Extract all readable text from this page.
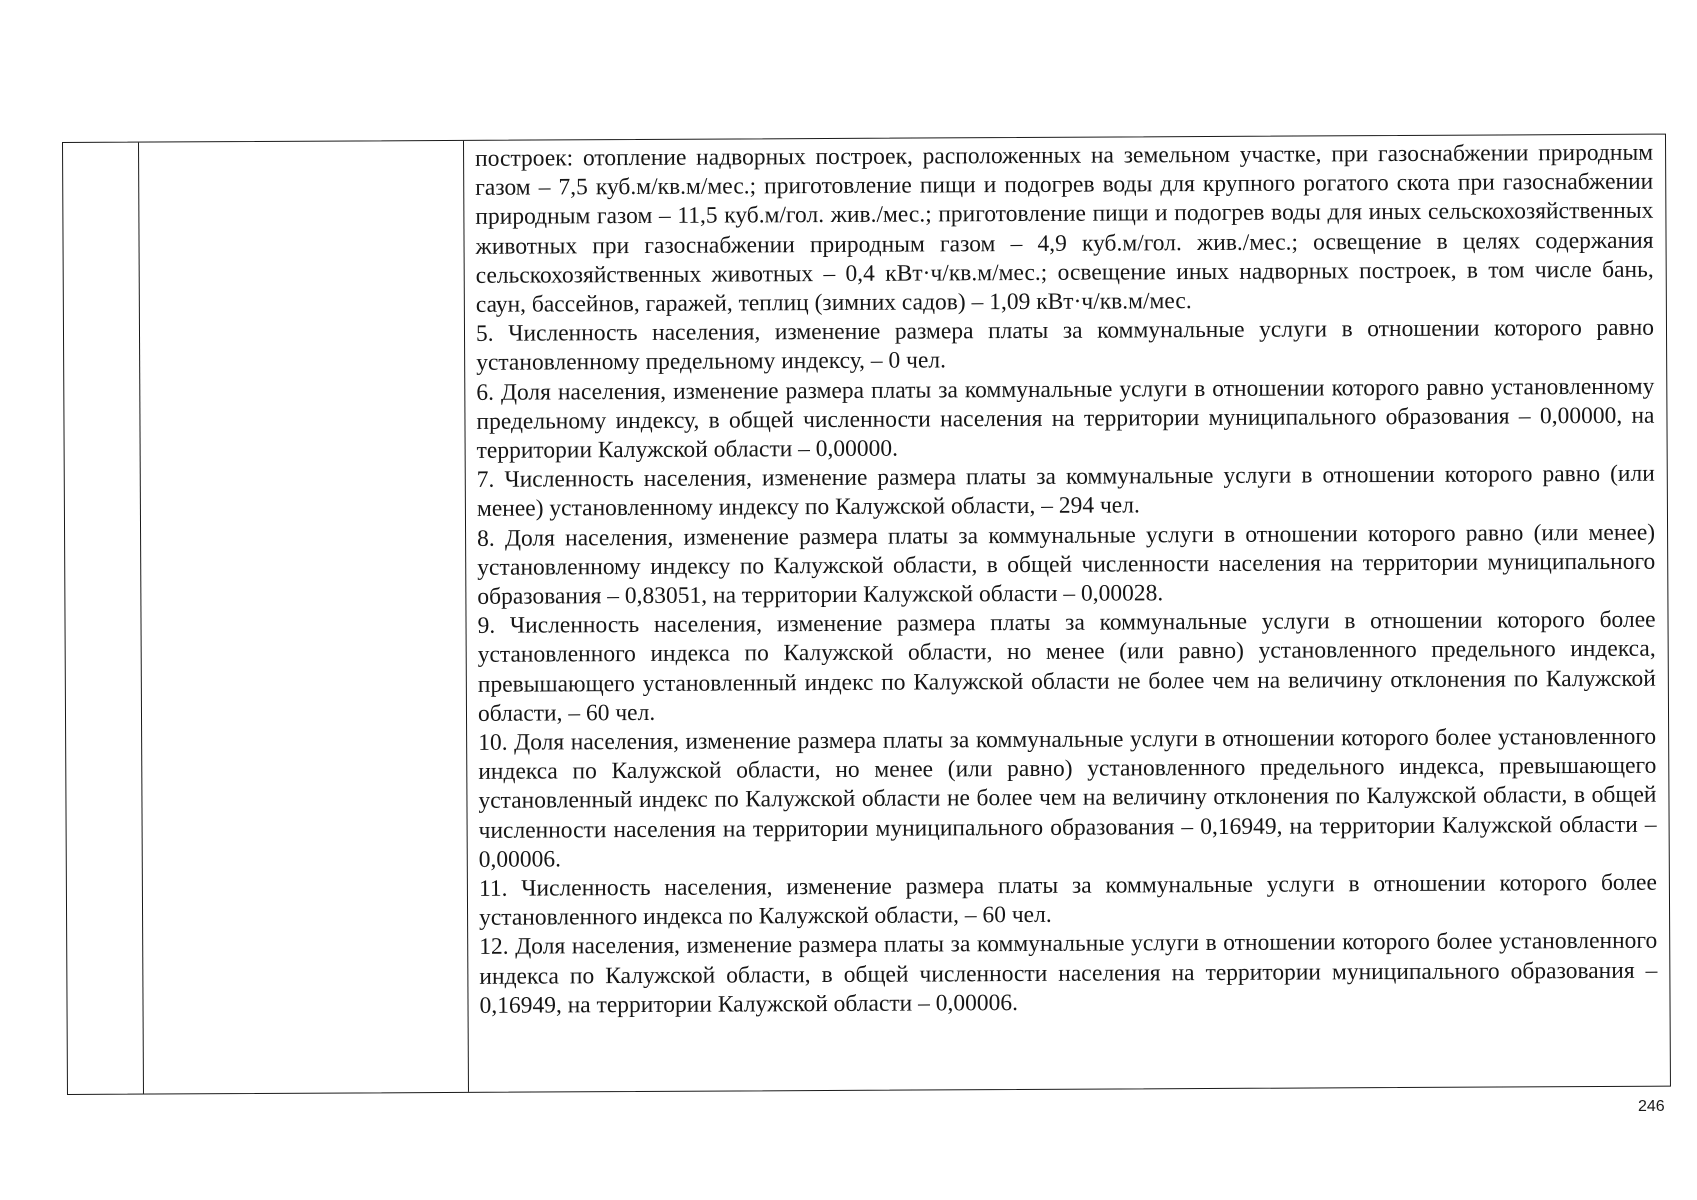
построек: отопление надворных построек, расположенных на земельном участке, при газоснабжении природным газом – 7,5 куб.м/кв.м/мес.; приготовление пищи и подогрев воды для крупного рогатого скота при газоснабжении природным газом – 11,5 куб.м/гол. жив./мес.; приготовление пищи и подогрев воды для иных сельскохозяйственных животных при газоснабжении природным газом – 4,9 куб.м/гол. жив./мес.; освещение в целях содержания сельскохозяйственных животных – 0,4 кВт·ч/кв.м/мес.; освещение иных надворных построек, в том числе бань, саун, бассейнов, гаражей, теплиц (зимних садов) – 1,09 кВт·ч/кв.м/мес.

5. Численность населения, изменение размера платы за коммунальные услуги в отношении которого равно установленному предельному индексу, – 0 чел.

6. Доля населения, изменение размера платы за коммунальные услуги в отношении которого равно установленному предельному индексу, в общей численности населения на территории муниципального образования – 0,00000, на территории Калужской области – 0,00000.

7. Численность населения, изменение размера платы за коммунальные услуги в отношении которого равно (или менее) установленному индексу по Калужской области, – 294 чел.

8. Доля населения, изменение размера платы за коммунальные услуги в отношении которого равно (или менее) установленному индексу по Калужской области, в общей численности населения на территории муниципального образования – 0,83051, на территории Калужской области – 0,00028.

9. Численность населения, изменение размера платы за коммунальные услуги в отношении которого более установленного индекса по Калужской области, но менее (или равно) установленного предельного индекса, превышающего установленный индекс по Калужской области не более чем на величину отклонения по Калужской области, – 60 чел.

10. Доля населения, изменение размера платы за коммунальные услуги в отношении которого более установленного индекса по Калужской области, но менее (или равно) установленного предельного индекса, превышающего установленный индекс по Калужской области не более чем на величину отклонения по Калужской области, в общей численности населения на территории муниципального образования – 0,16949, на территории Калужской области – 0,00006.

11. Численность населения, изменение размера платы за коммунальные услуги в отношении которого более установленного индекса по Калужской области, – 60 чел.

12. Доля населения, изменение размера платы за коммунальные услуги в отношении которого более установленного индекса по Калужской области, в общей численности населения на территории муниципального образования – 0,16949, на территории Калужской области – 0,00006.

246
